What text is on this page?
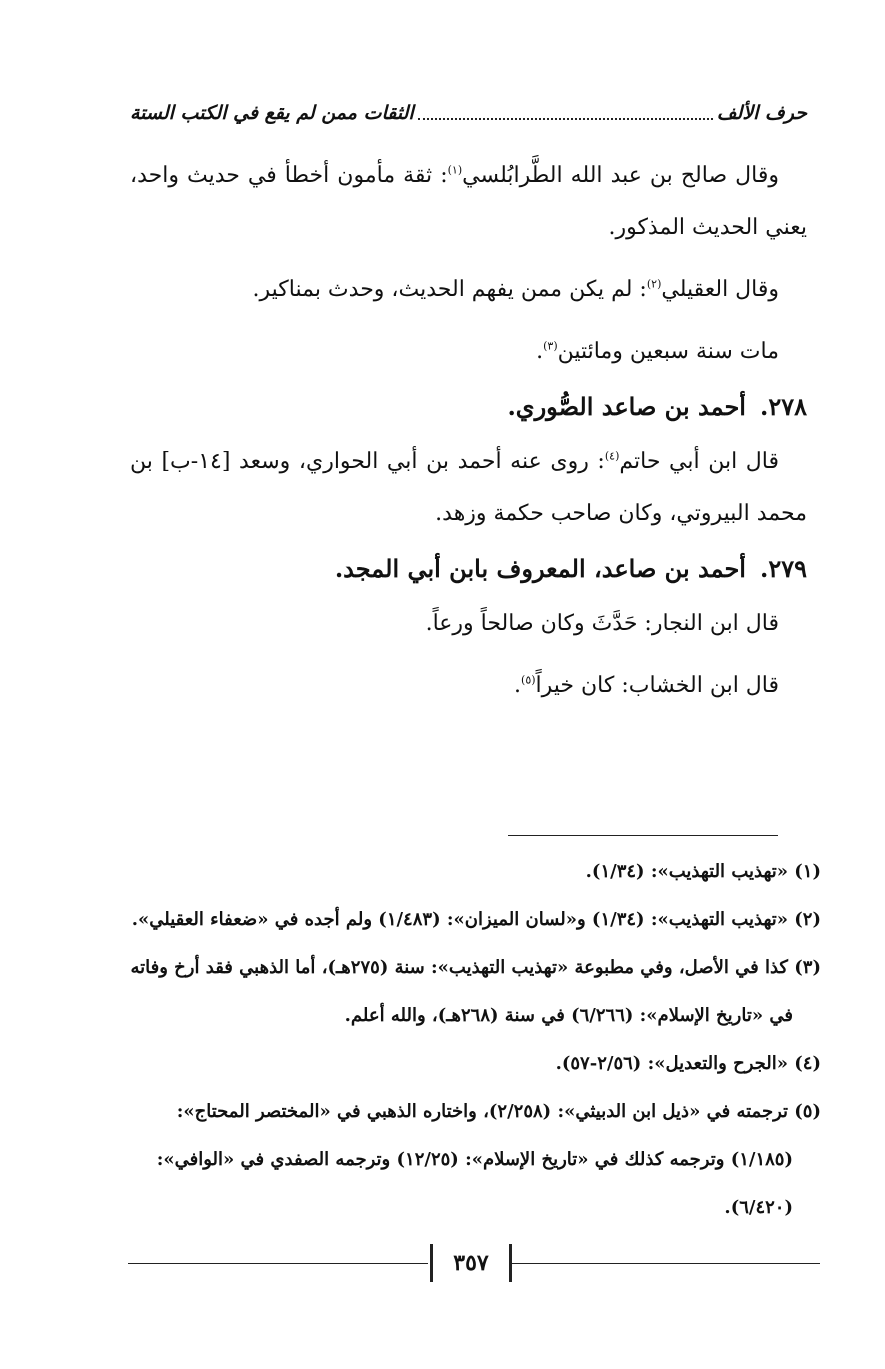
حرف الألف
الثقات ممن لم يقع في الكتب الستة

وقال صالح بن عبد الله الطَّرابُلسي$^{(١)}$: ثقة مأمون أخطأ في حديث واحد، يعني الحديث المذكور.

وقال العقيلي$^{(٢)}$: لم يكن ممن يفهم الحديث، وحدث بمناكير.

مات سنة سبعين ومائتين$^{(٣)}$.

٢٧٨.أحمد بن صاعد الصُّوري.

قال ابن أبي حاتم$^{(٤)}$: روى عنه أحمد بن أبي الحواري، وسعد [١٤-ب] بن محمد البيروتي، وكان صاحب حكمة وزهد.

٢٧٩.أحمد بن صاعد، المعروف بابن أبي المجد.

قال ابن النجار: حَدَّثَ وكان صالحاً ورعاً.

قال ابن الخشاب: كان خيراً$^{(٥)}$.

(١) «تهذيب التهذيب»: (١/٣٤).

(٢) «تهذيب التهذيب»: (١/٣٤) و«لسان الميزان»: (١/٤٨٣) ولم أجده في «ضعفاء العقيلي».

(٣) كذا في الأصل، وفي مطبوعة «تهذيب التهذيب»: سنة (٢٧٥هـ)، أما الذهبي فقد أرخ وفاته
في «تاريخ الإسلام»: (٦/٢٦٦) في سنة (٢٦٨هـ)، والله أعلم.

(٤) «الجرح والتعديل»: (٢/٥٦-٥٧).

(٥) ترجمته في «ذيل ابن الدبيثي»: (٢/٢٥٨)، واختاره الذهبي في «المختصر المحتاج»:
(١/١٨٥) وترجمه كذلك في «تاريخ الإسلام»: (١٢/٢٥) وترجمه الصفدي في «الوافي»:
(٦/٤٢٠).

٣٥٧
